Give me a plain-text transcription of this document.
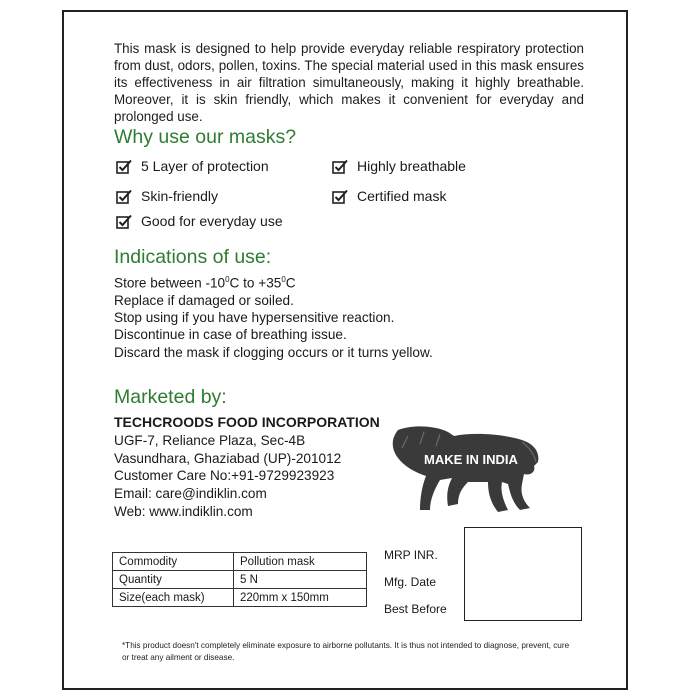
This mask is designed to help provide everyday reliable respiratory protection from dust, odors, pollen, toxins. The special material used in this mask ensures its effectiveness in air filtration simultaneously, making it highly breathable. Moreover, it is skin friendly, which makes it convenient for everyday and prolonged use.
Why use our masks?
5 Layer of protection	Highly breathable
Skin-friendly	Certified mask
Good for everyday use
Indications of use:
Store between $-10^0C$ to $+35^0C$
Replace if damaged or soiled.
Stop using if you have hypersensitive reaction.
Discontinue in case of breathing issue.
Discard the mask if clogging occurs or it turns yellow.
Marketed by:
TECHCROODS FOOD INCORPORATION
UGF-7, Reliance Plaza, Sec-4B
Vasundhara, Ghaziabad (UP)-201012
Customer Care No:+91-9729923923
Email: care@indiklin.com
Web: www.indiklin.com
MAKE IN INDIA
Commodity	Pollution mask
Quantity	5 N
Size(each mask)	220mm x 150mm
MRP INR.
Mfg. Date
Best Before
*This product doesn't completely eliminate exposure to airborne pollutants. It is thus not intended to diagnose, prevent, cure or treat any ailment or disease.
